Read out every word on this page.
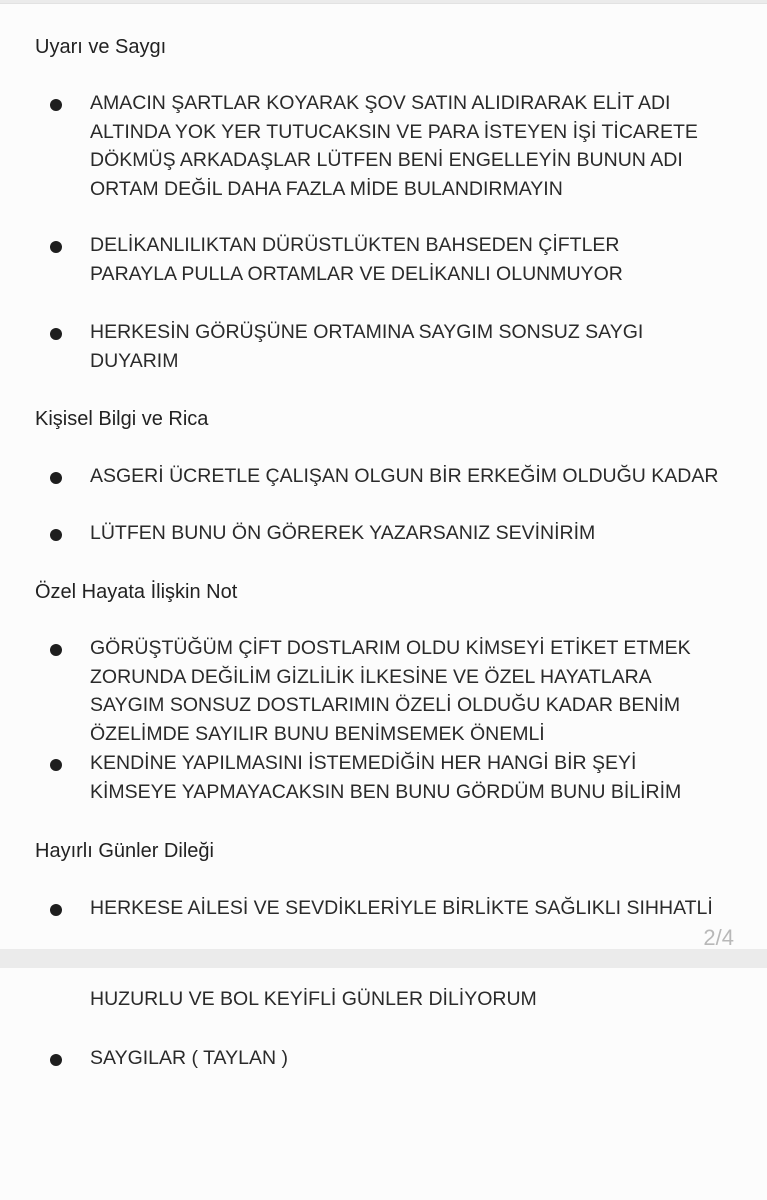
Uyarı ve Saygı
AMACIN ŞARTLAR KOYARAK ŞOV SATIN ALIDIRARAK ELİT ADI
ALTINDA YOK YER TUTUCAKSIN VE PARA İSTEYEN İŞİ TİCARETE
DÖKMÜŞ ARKADAŞLAR LÜTFEN BENİ ENGELLEYİN BUNUN ADI
ORTAM DEĞİL DAHA FAZLA MİDE BULANDIRMAYIN
DELİKANLILIKTAN DÜRÜSTLÜKTEN BAHSEDEN ÇİFTLER
PARAYLA PULLA ORTAMLAR VE DELİKANLI OLUNMUYOR
HERKESİN GÖRÜŞÜNE ORTAMINA SAYGIM SONSUZ SAYGI
DUYARIM
Kişisel Bilgi ve Rica
ASGERİ ÜCRETLE ÇALIŞAN OLGUN BİR ERKEĞİM OLDUĞU KADAR
LÜTFEN BUNU ÖN GÖREREK YAZARSANIZ SEVİNİRİM
Özel Hayata İlişkin Not
GÖRÜŞTÜĞÜM ÇİFT DOSTLARIM OLDU KİMSEYİ ETİKET ETMEK
ZORUNDA DEĞİLİM GİZLİLİK İLKESİNE VE ÖZEL HAYATLARA
SAYGIM SONSUZ DOSTLARIMIN ÖZELİ OLDUĞU KADAR BENİM
ÖZELİMDE SAYILIR BUNU BENİMSEMEK ÖNEMLİ
KENDİNE YAPILMASINI İSTEMEDİĞİN HER HANGİ BİR ŞEYİ
KİMSEYE YAPMAYACAKSIN BEN BUNU GÖRDÜM BUNU BİLİRİM
Hayırlı Günler Dileği
HERKESE AİLESİ VE SEVDİKLERİYLE BİRLİKTE SAĞLIKLI SIHHATLİ
2/4
HUZURLU VE BOL KEYİFLİ GÜNLER DİLİYORUM
SAYGILAR ( TAYLAN )
